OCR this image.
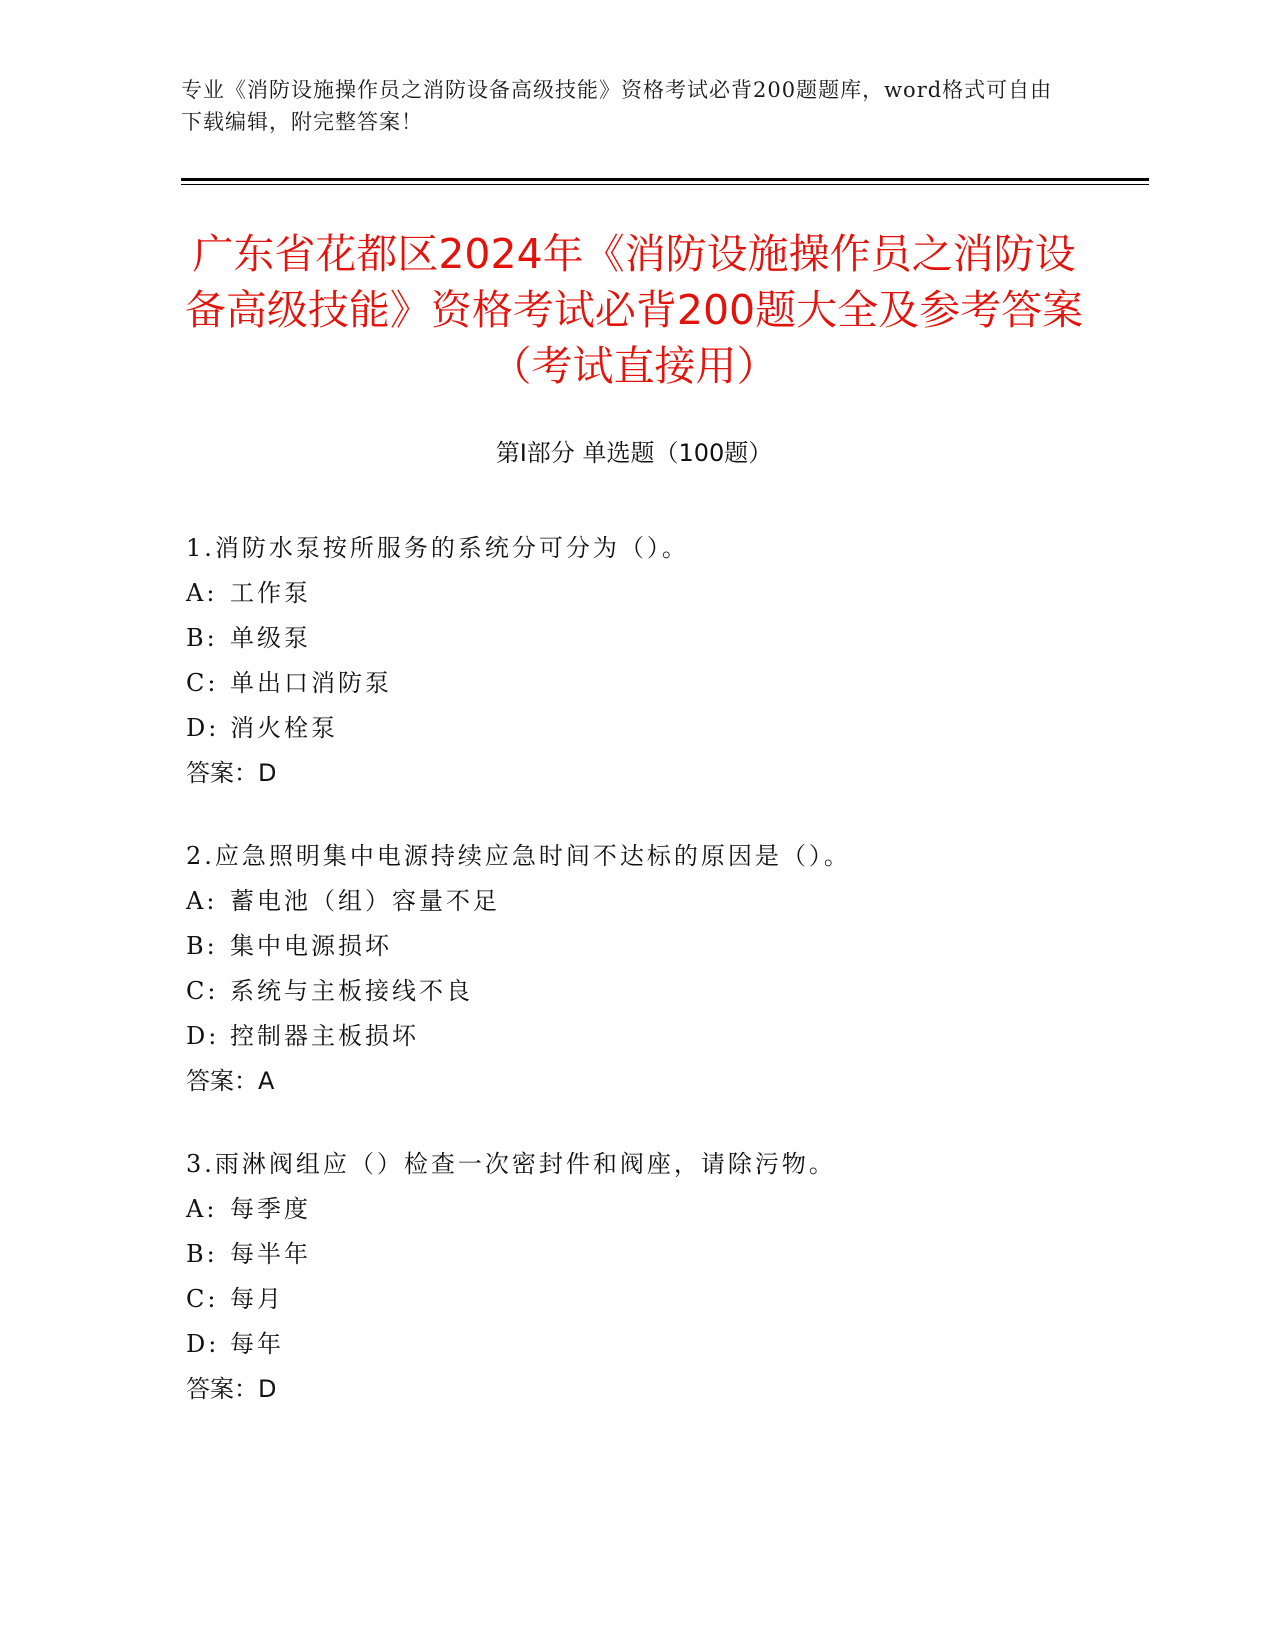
专业《消防设施操作员之消防设备高级技能》资格考试必背200题题库，word格式可自由下载编辑，附完整答案！
广东省花都区2024年《消防设施操作员之消防设备高级技能》资格考试必背200题大全及参考答案（考试直接用）
第Ⅰ部分 单选题（100题）
1.消防水泵按所服务的系统分可分为（）。
A: 工作泵
B: 单级泵
C: 单出口消防泵
D: 消火栓泵
答案：D
2.应急照明集中电源持续应急时间不达标的原因是（）。
A: 蓄电池（组）容量不足
B: 集中电源损坏
C: 系统与主板接线不良
D: 控制器主板损坏
答案：A
3.雨淋阀组应（）检查一次密封件和阀座，请除污物。
A: 每季度
B: 每半年
C: 每月
D: 每年
答案：D
